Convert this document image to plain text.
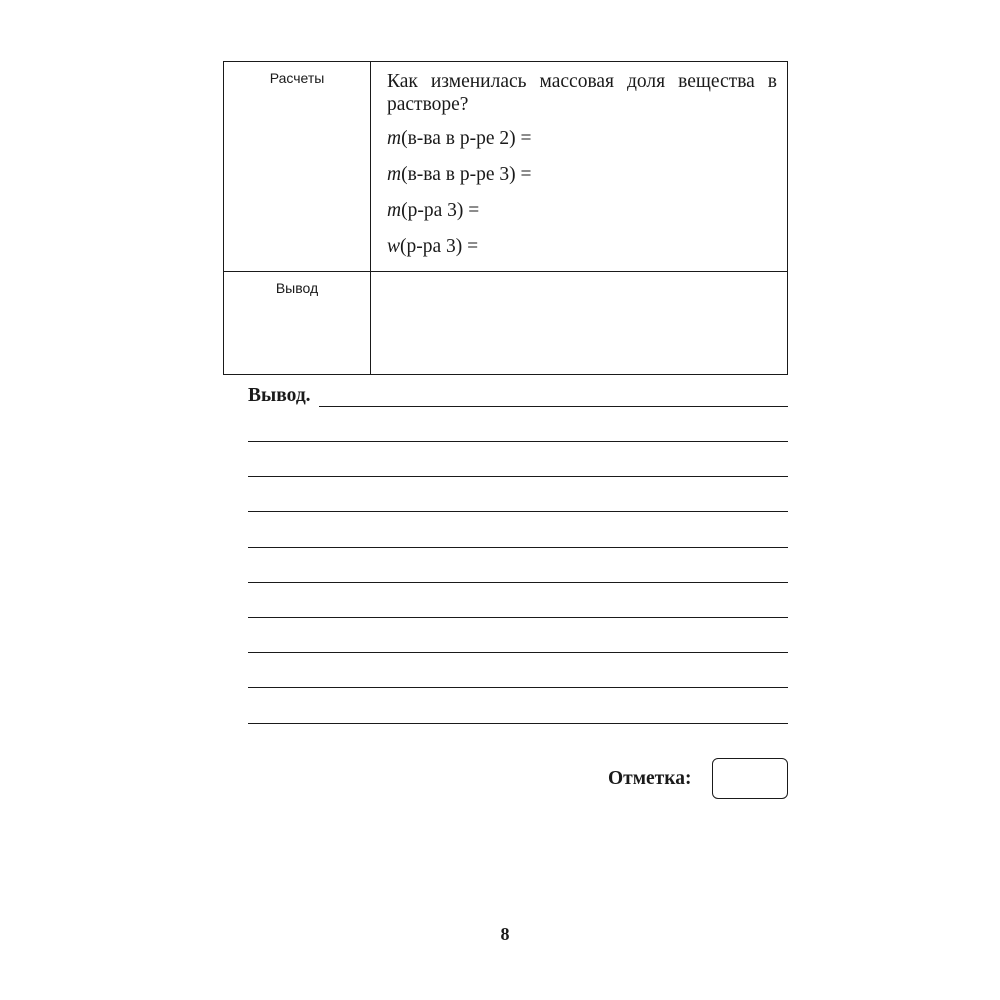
Расчеты	Как изменилась массовая доля вещества в растворе?

m(в-ва в р-ре 2) =

m(в-ва в р-ре 3) =

m(р-ра 3) =

w(р-ра 3) =

Вывод	
Вывод.
Отметка:
8
